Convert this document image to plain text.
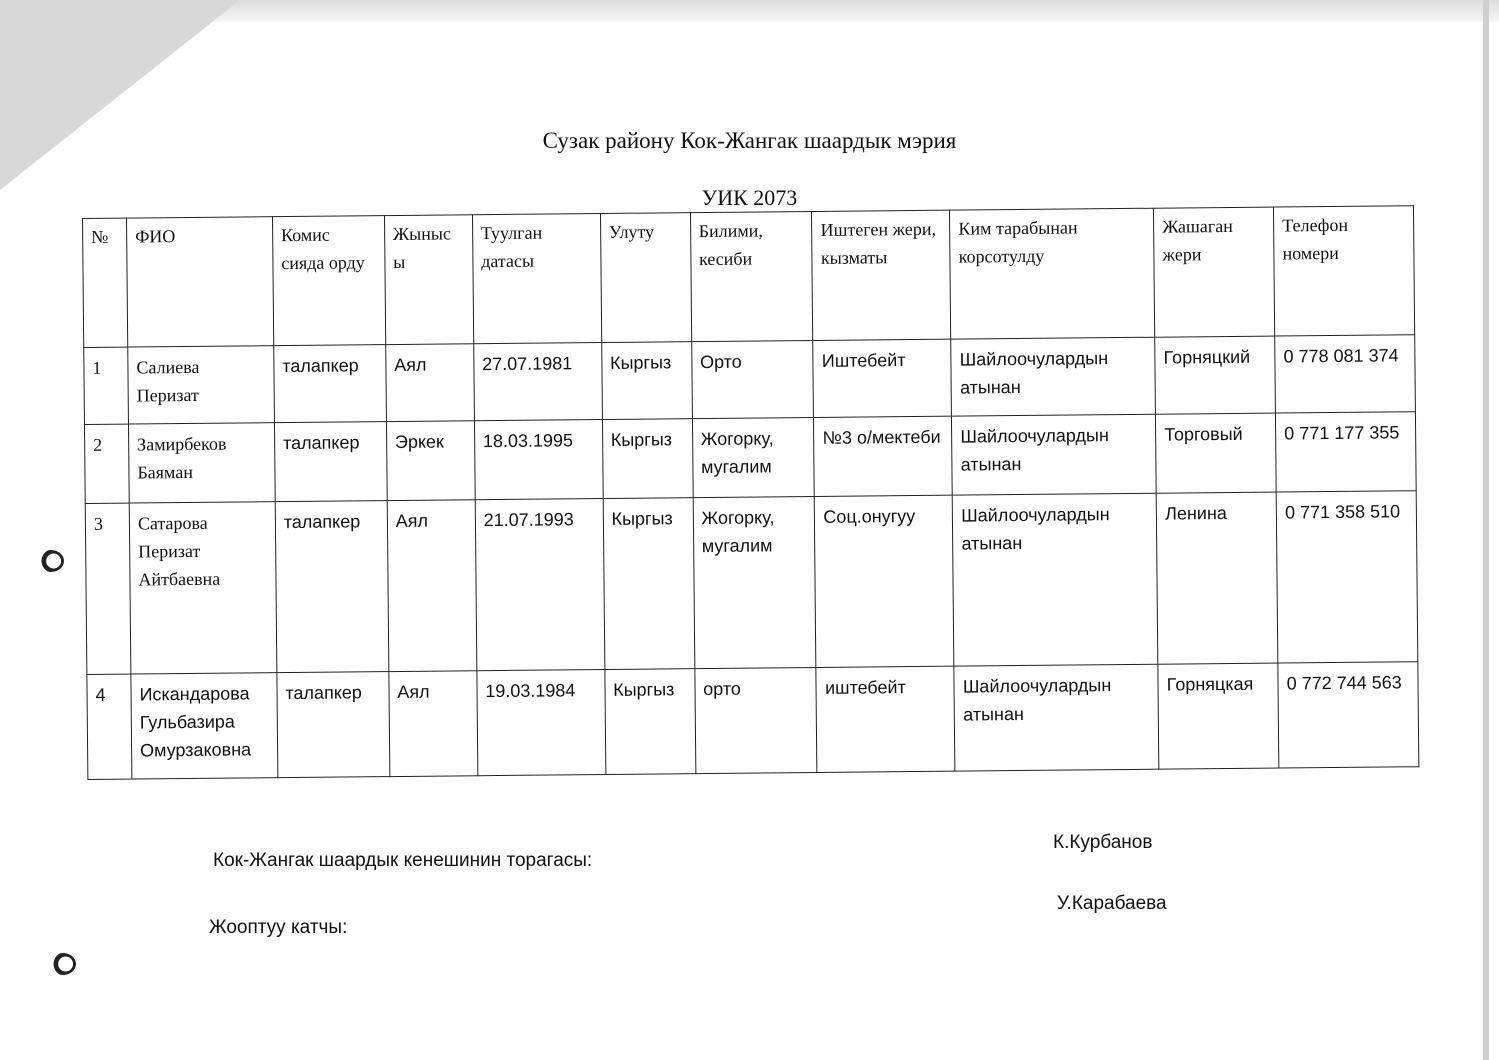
Сузак району Кок-Жангак шаардык мэрия
УИК 2073
№	ФИО	Комис сияда орду	Жыныс ы	Туулган датасы	Улуту	Билими, кесиби	Иштеген жери, кызматы	Ким тарабынан корсотулду	Жашаган жери	Телефон номери
1	Салиева Перизат	талапкер	Аял	27.07.1981	Кыргыз	Орто	Иштебейт	Шайлоочулардын атынан	Горняцкий	0 778 081 374
2	Замирбеков Баяман	талапкер	Эркек	18.03.1995	Кыргыз	Жогорку, мугалим	№3 о/мектеби	Шайлоочулардын атынан	Торговый	0 771 177 355
3	Сатарова Перизат Айтбаевна	талапкер	Аял	21.07.1993	Кыргыз	Жогорку, мугалим	Соц.онугуу	Шайлоочулардын атынан	Ленина	0 771 358 510
4	Искандарова Гульбазира Омурзаковна	талапкер	Аял	19.03.1984	Кыргыз	орто	иштебейт	Шайлоочулардын атынан	Горняцкая	0 772 744 563
Кок-Жангак шаардык кенешинин торагасы:
К.Курбанов
Жооптуу катчы:
У.Карабаева
